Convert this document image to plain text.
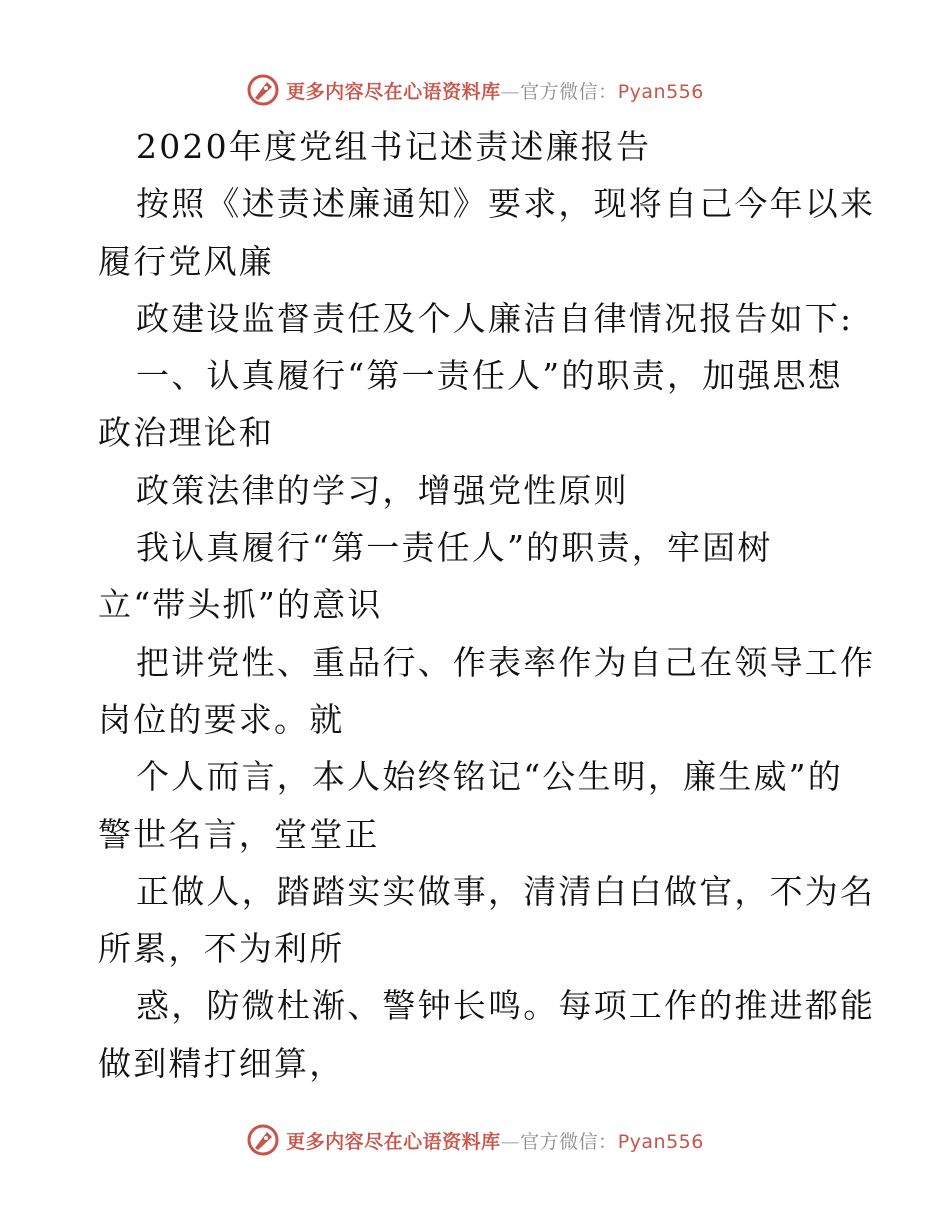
更多内容尽在心语资料库—官方微信：Pyan556
2020年度党组书记述责述廉报告
按照《述责述廉通知》要求，现将自己今年以来
履行党风廉
政建设监督责任及个人廉洁自律情况报告如下:
一、认真履行“第一责任人”的职责，加强思想
政治理论和
政策法律的学习，增强党性原则
我认真履行“第一责任人”的职责，牢固树
立“带头抓”的意识
把讲党性、重品行、作表率作为自己在领导工作
岗位的要求。就
个人而言，本人始终铭记“公生明，廉生威”的
警世名言，堂堂正
正做人，踏踏实实做事，清清白白做官，不为名
所累，不为利所
惑，防微杜渐、警钟长鸣。每项工作的推进都能
做到精打细算，
更多内容尽在心语资料库—官方微信：Pyan556
